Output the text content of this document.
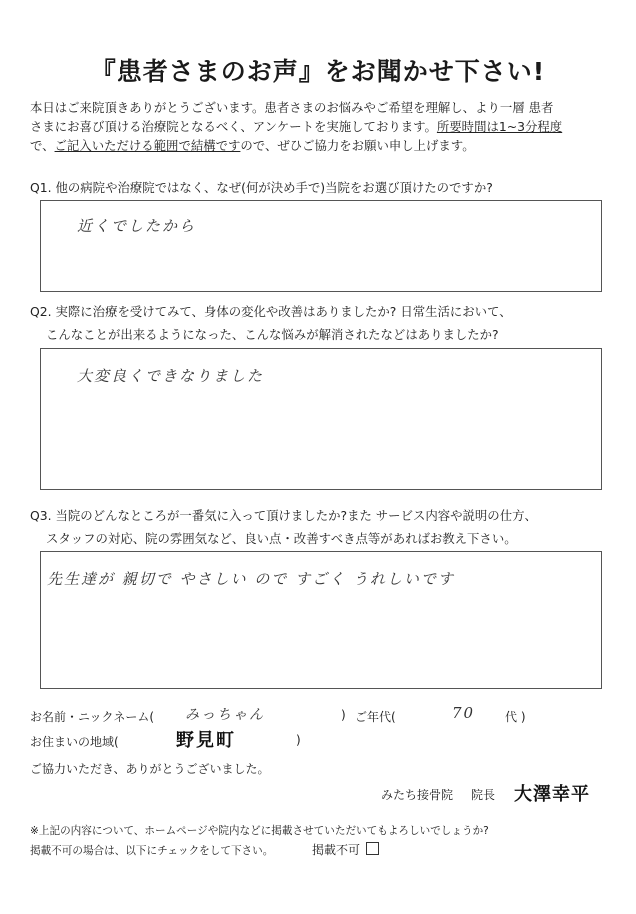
『患者さまのお声』をお聞かせ下さい!
本日はご来院頂きありがとうございます。患者さまのお悩みやご希望を理解し、より一層 患者
さまにお喜び頂ける治療院となるべく、アンケートを実施しております。所要時間は1~3分程度
で、ご記入いただける範囲で結構ですので、ぜひご協力をお願い申し上げます。
Q1. 他の病院や治療院ではなく、なぜ(何が決め手で)当院をお選び頂けたのですか?
近くでしたから
Q2. 実際に治療を受けてみて、身体の変化や改善はありましたか? 日常生活において、
こんなことが出来るようになった、こんな悩みが解消されたなどはありましたか?
大変良くできなりました
Q3. 当院のどんなところが一番気に入って頂けましたか?また サービス内容や説明の仕方、
スタッフの対応、院の雰囲気など、良い点・改善すべき点等があればお教え下さい。
先生達が 親切で やさしい ので すごく うれしいです
お名前・ニックネーム( みっちゃん	) ご年代(	70 代 )
お住まいの地域(	野見町	)
ご協力いただき、ありがとうございました。
みたち接骨院 院長 大澤幸平
※上記の内容について、ホームページや院内などに掲載させていただいてもよろしいでしょうか?
掲載不可の場合は、以下にチェックをして下さい。	掲載不可
